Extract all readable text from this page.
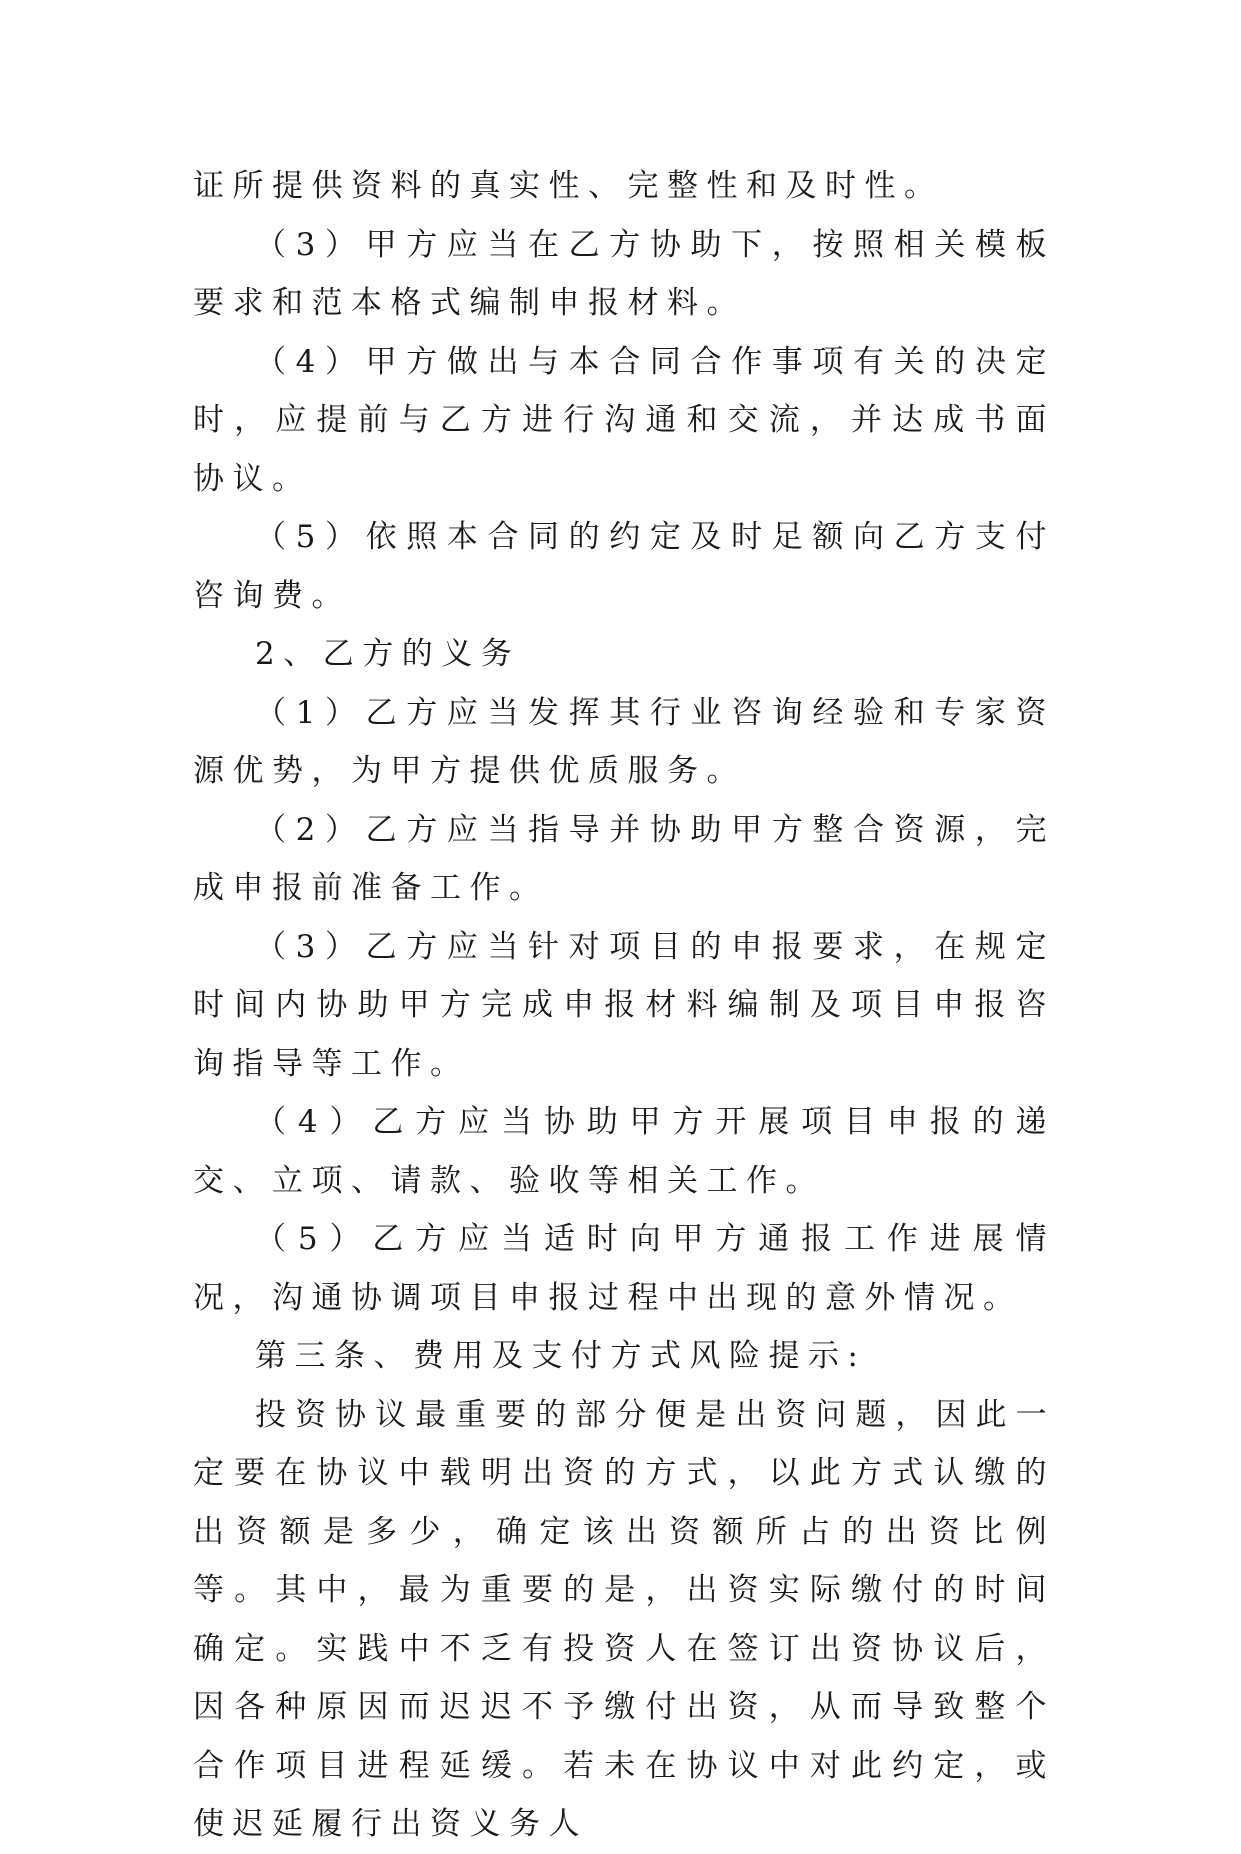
证所提供资料的真实性、完整性和及时性。

（3）甲方应当在乙方协助下，按照相关模板要求和范本格式编制申报材料。

（4）甲方做出与本合同合作事项有关的决定时，应提前与乙方进行沟通和交流，并达成书面协议。

（5）依照本合同的约定及时足额向乙方支付咨询费。

2、乙方的义务

（1）乙方应当发挥其行业咨询经验和专家资源优势，为甲方提供优质服务。

（2）乙方应当指导并协助甲方整合资源，完成申报前准备工作。

（3）乙方应当针对项目的申报要求，在规定时间内协助甲方完成申报材料编制及项目申报咨询指导等工作。

（4）乙方应当协助甲方开展项目申报的递交、立项、请款、验收等相关工作。

（5）乙方应当适时向甲方通报工作进展情况，沟通协调项目申报过程中出现的意外情况。

第三条、费用及支付方式风险提示:

投资协议最重要的部分便是出资问题，因此一定要在协议中载明出资的方式，以此方式认缴的出资额是多少，确定该出资额所占的出资比例等。其中，最为重要的是，出资实际缴付的时间确定。实践中不乏有投资人在签订出资协议后，因各种原因而迟迟不予缴付出资，从而导致整个合作项目进程延缓。若未在协议中对此约定，或使迟延履行出资义务人
